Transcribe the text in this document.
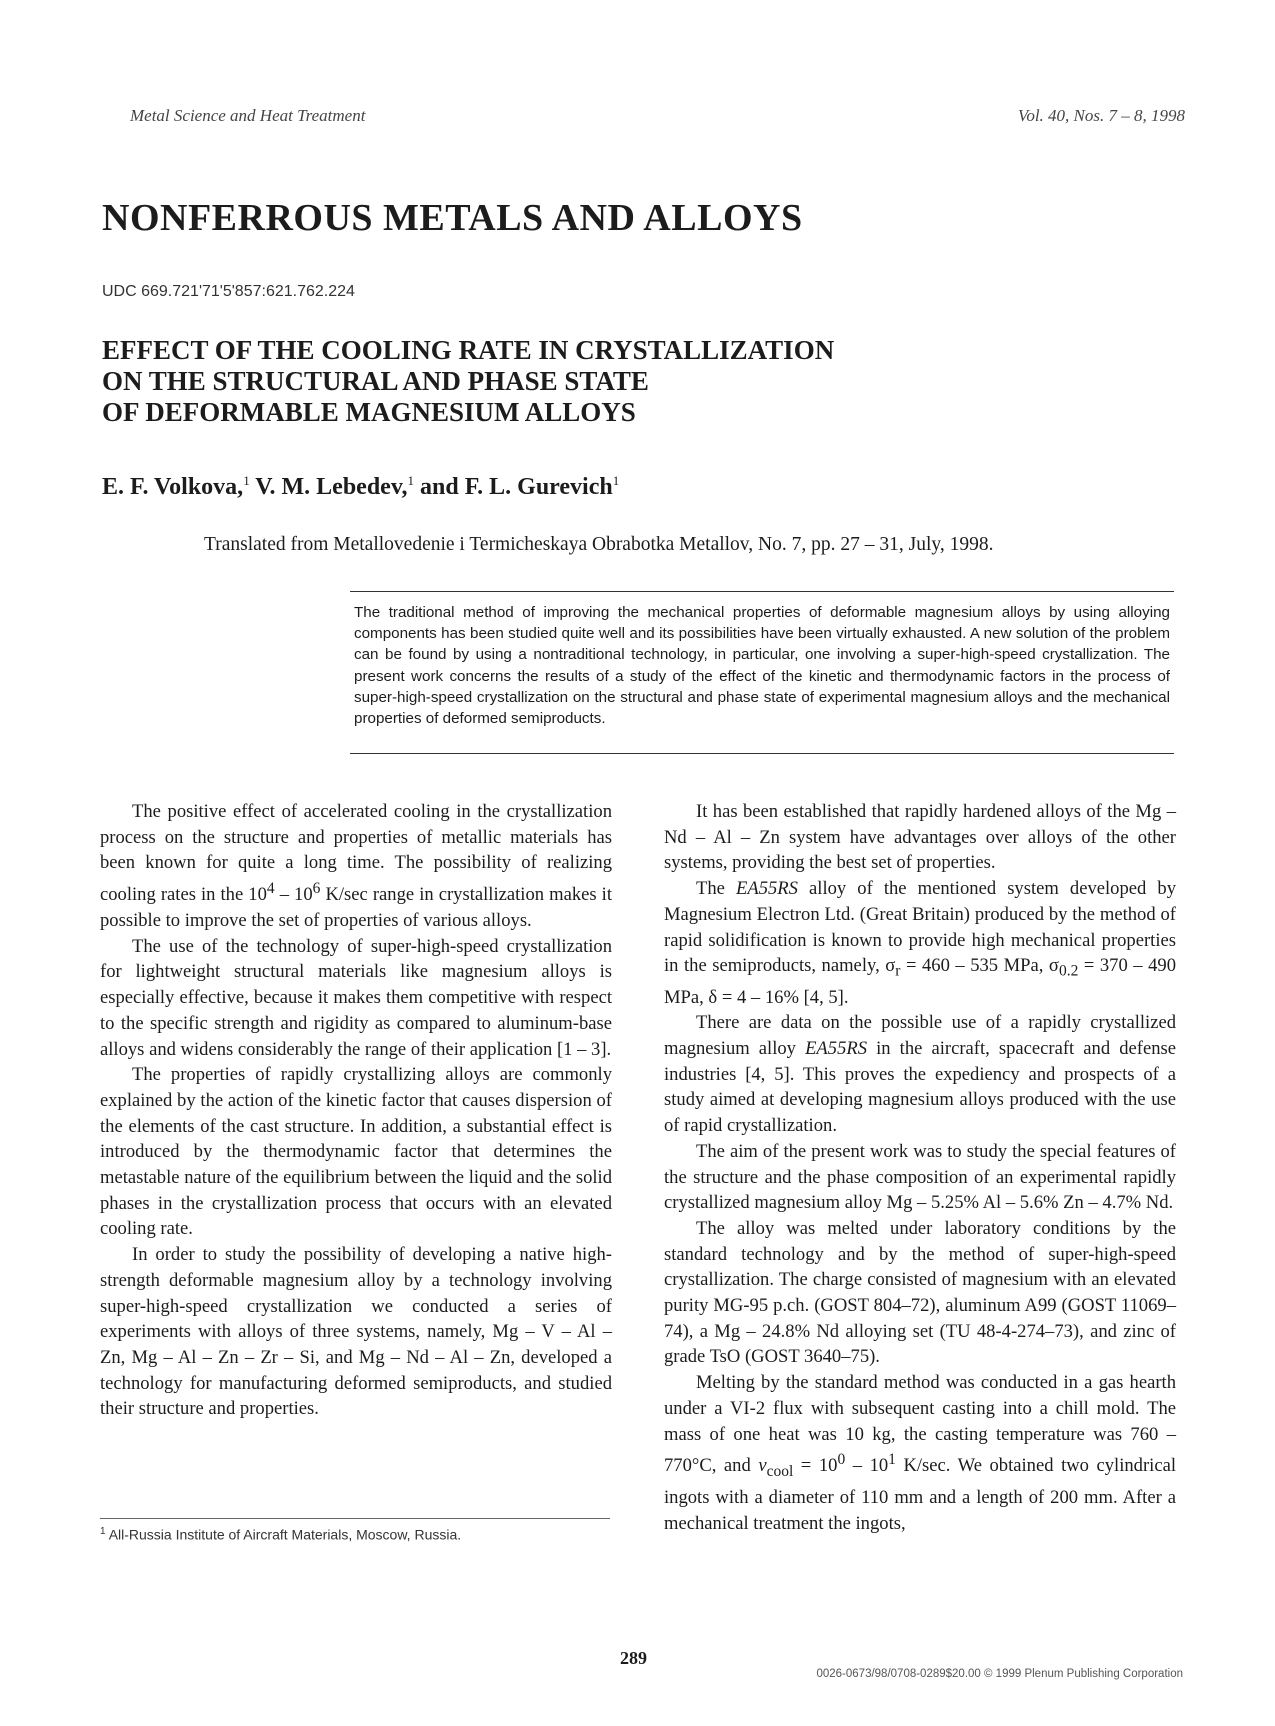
Metal Science and Heat Treatment	Vol. 40, Nos. 7 – 8, 1998
NONFERROUS METALS AND ALLOYS
UDC 669.721'71'5'857:621.762.224
EFFECT OF THE COOLING RATE IN CRYSTALLIZATION
ON THE STRUCTURAL AND PHASE STATE
OF DEFORMABLE MAGNESIUM ALLOYS
E. F. Volkova,$^1$ V. M. Lebedev,$^1$ and F. L. Gurevich$^1$
Translated from Metallovedenie i Termicheskaya Obrabotka Metallov, No. 7, pp. 27 – 31, July, 1998.

The traditional method of improving the mechanical properties of deformable magnesium alloys by using alloying components has been studied quite well and its possibilities have been virtually exhausted. A new solution of the problem can be found by using a nontraditional technology, in particular, one involving a super-high-speed crystallization. The present work concerns the results of a study of the effect of the kinetic and thermodynamic factors in the process of super-high-speed crystallization on the structural and phase state of experimental magnesium alloys and the mechanical properties of deformed semiproducts.

The positive effect of accelerated cooling in the crystallization process on the structure and properties of metallic materials has been known for quite a long time. The possibility of realizing cooling rates in the $10^4 - 10^6$ K/sec range in crystallization makes it possible to improve the set of properties of various alloys.

The use of the technology of super-high-speed crystallization for lightweight structural materials like magnesium alloys is especially effective, because it makes them competitive with respect to the specific strength and rigidity as compared to aluminum-base alloys and widens considerably the range of their application [1 – 3].

The properties of rapidly crystallizing alloys are commonly explained by the action of the kinetic factor that causes dispersion of the elements of the cast structure. In addition, a substantial effect is introduced by the thermodynamic factor that determines the metastable nature of the equilibrium between the liquid and the solid phases in the crystallization process that occurs with an elevated cooling rate.

In order to study the possibility of developing a native high-strength deformable magnesium alloy by a technology involving super-high-speed crystallization we conducted a series of experiments with alloys of three systems, namely, Mg – V – Al – Zn, Mg – Al – Zn – Zr – Si, and Mg – Nd – Al – Zn, developed a technology for manufacturing deformed semiproducts, and studied their structure and properties.

It has been established that rapidly hardened alloys of the Mg – Nd – Al – Zn system have advantages over alloys of the other systems, providing the best set of properties.

The EA55RS alloy of the mentioned system developed by Magnesium Electron Ltd. (Great Britain) produced by the method of rapid solidification is known to provide high mechanical properties in the semiproducts, namely, $\sigma_r = 460 - 535$ MPa, $\sigma_{0.2} = 370 - 490$ MPa, δ = 4 – 16% [4, 5].

There are data on the possible use of a rapidly crystallized magnesium alloy EA55RS in the aircraft, spacecraft and defense industries [4, 5]. This proves the expediency and prospects of a study aimed at developing magnesium alloys produced with the use of rapid crystallization.

The aim of the present work was to study the special features of the structure and the phase composition of an experimental rapidly crystallized magnesium alloy Mg – 5.25% Al – 5.6% Zn – 4.7% Nd.

The alloy was melted under laboratory conditions by the standard technology and by the method of super-high-speed crystallization. The charge consisted of magnesium with an elevated purity MG-95 p.ch. (GOST 804–72), aluminum A99 (GOST 11069–74), a Mg – 24.8% Nd alloying set (TU 48-4-274–73), and zinc of grade TsO (GOST 3640–75).

Melting by the standard method was conducted in a gas hearth under a VI-2 flux with subsequent casting into a chill mold. The mass of one heat was 10 kg, the casting temperature was 760 – 770°C, and $v_{cool} = 10^0 - 10^1$ K/sec. We obtained two cylindrical ingots with a diameter of 110 mm and a length of 200 mm. After a mechanical treatment the ingots,

$^1$ All-Russia Institute of Aircraft Materials, Moscow, Russia.
289
0026-0673/98/0708-0289$20.00 © 1999 Plenum Publishing Corporation
